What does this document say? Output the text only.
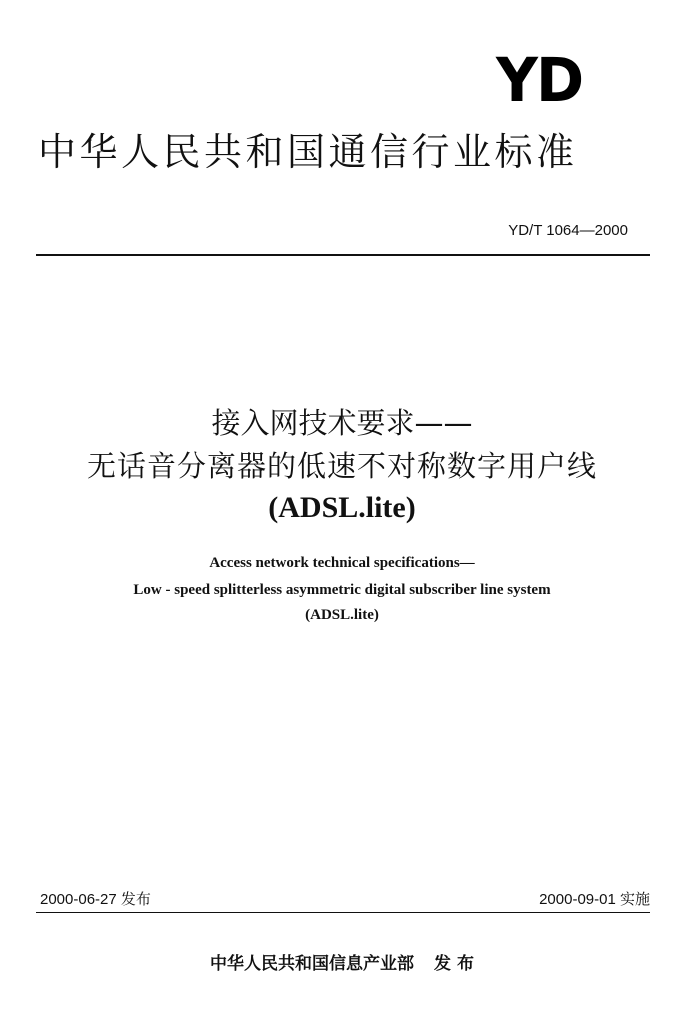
YD
中华人民共和国通信行业标准
YD/T 1064—2000
接入网技术要求——
无话音分离器的低速不对称数字用户线
(ADSL.lite)
Access network technical specifications—
Low - speed splitterless asymmetric digital subscriber line system
(ADSL.lite)
2000-06-27 发布	2000-09-01 实施
中华人民共和国信息产业部 发 布
